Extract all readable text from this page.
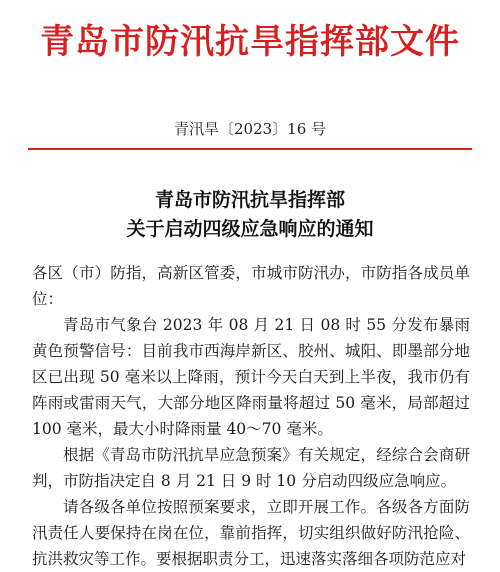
青岛市防汛抗旱指挥部文件
青汛旱〔2023〕16 号
青岛市防汛抗旱指挥部
关于启动四级应急响应的通知

各区（市）防指，高新区管委，市城市防汛办，市防指各成员单位：

青岛市气象台 2023 年 08 月 21 日 08 时 55 分发布暴雨黄色预警信号：目前我市西海岸新区、胶州、城阳、即墨部分地区已出现 50 毫米以上降雨，预计今天白天到上半夜，我市仍有阵雨或雷雨天气，大部分地区降雨量将超过 50 毫米，局部超过 100 毫米，最大小时降雨量 40～70 毫米。

根据《青岛市防汛抗旱应急预案》有关规定，经综合会商研判，市防指决定自 8 月 21 日 9 时 10 分启动四级应急响应。

请各级各单位按照预案要求，立即开展工作。各级各方面防汛责任人要保持在岗在位，靠前指挥，切实组织做好防汛抢险、抗洪救灾等工作。要根据职责分工，迅速落实落细各项防范应对
